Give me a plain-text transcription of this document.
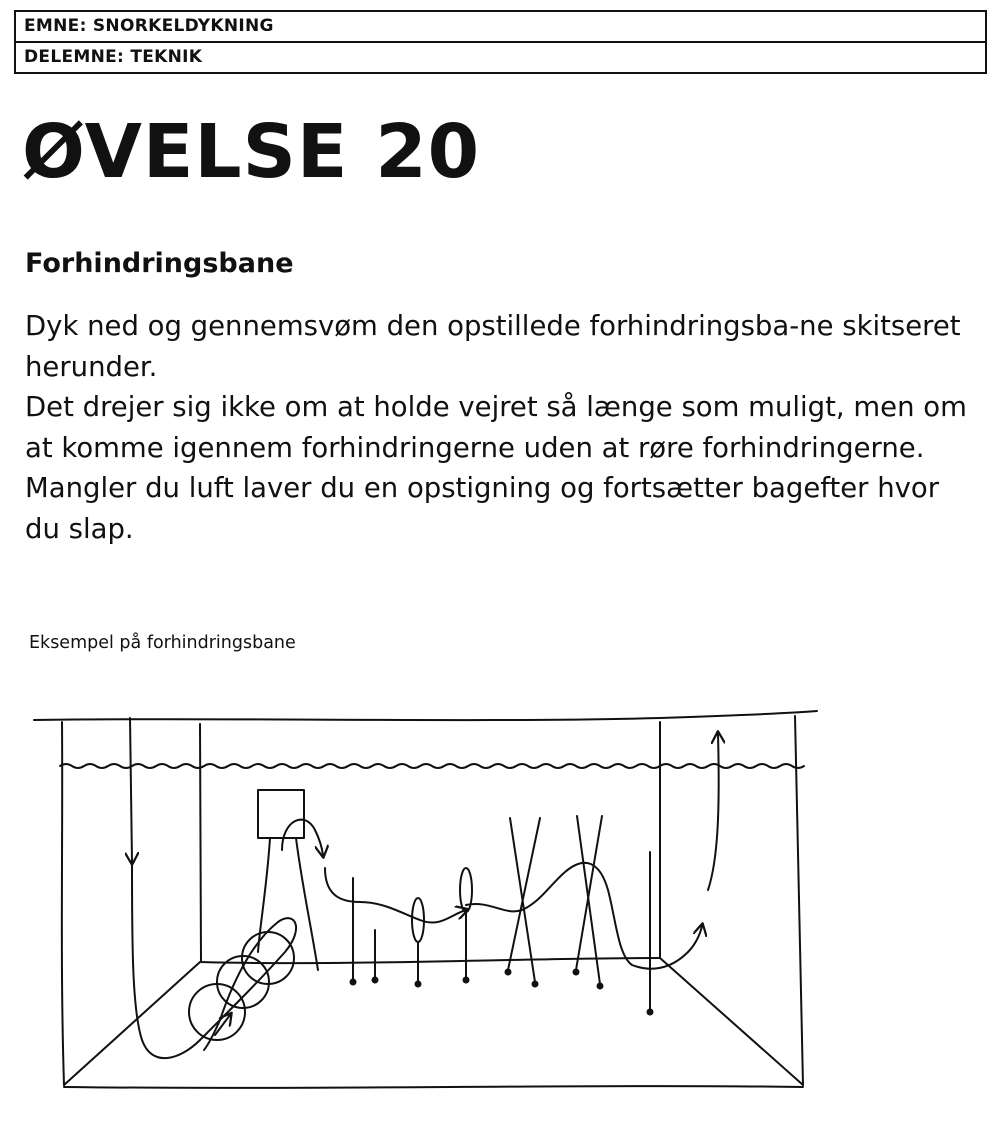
EMNE: SNORKELDYKNING
DELEMNE: TEKNIK
ØVELSE 20
Forhindringsbane

Dyk ned og gennemsvøm den opstillede forhindringsba-ne skitseret herunder.

Det drejer sig ikke om at holde vejret så længe som muligt, men om at komme igennem forhindringerne uden at røre forhindringerne. Mangler du luft laver du en opstigning og fortsætter bagefter hvor du slap.

Eksempel på forhindringsbane
